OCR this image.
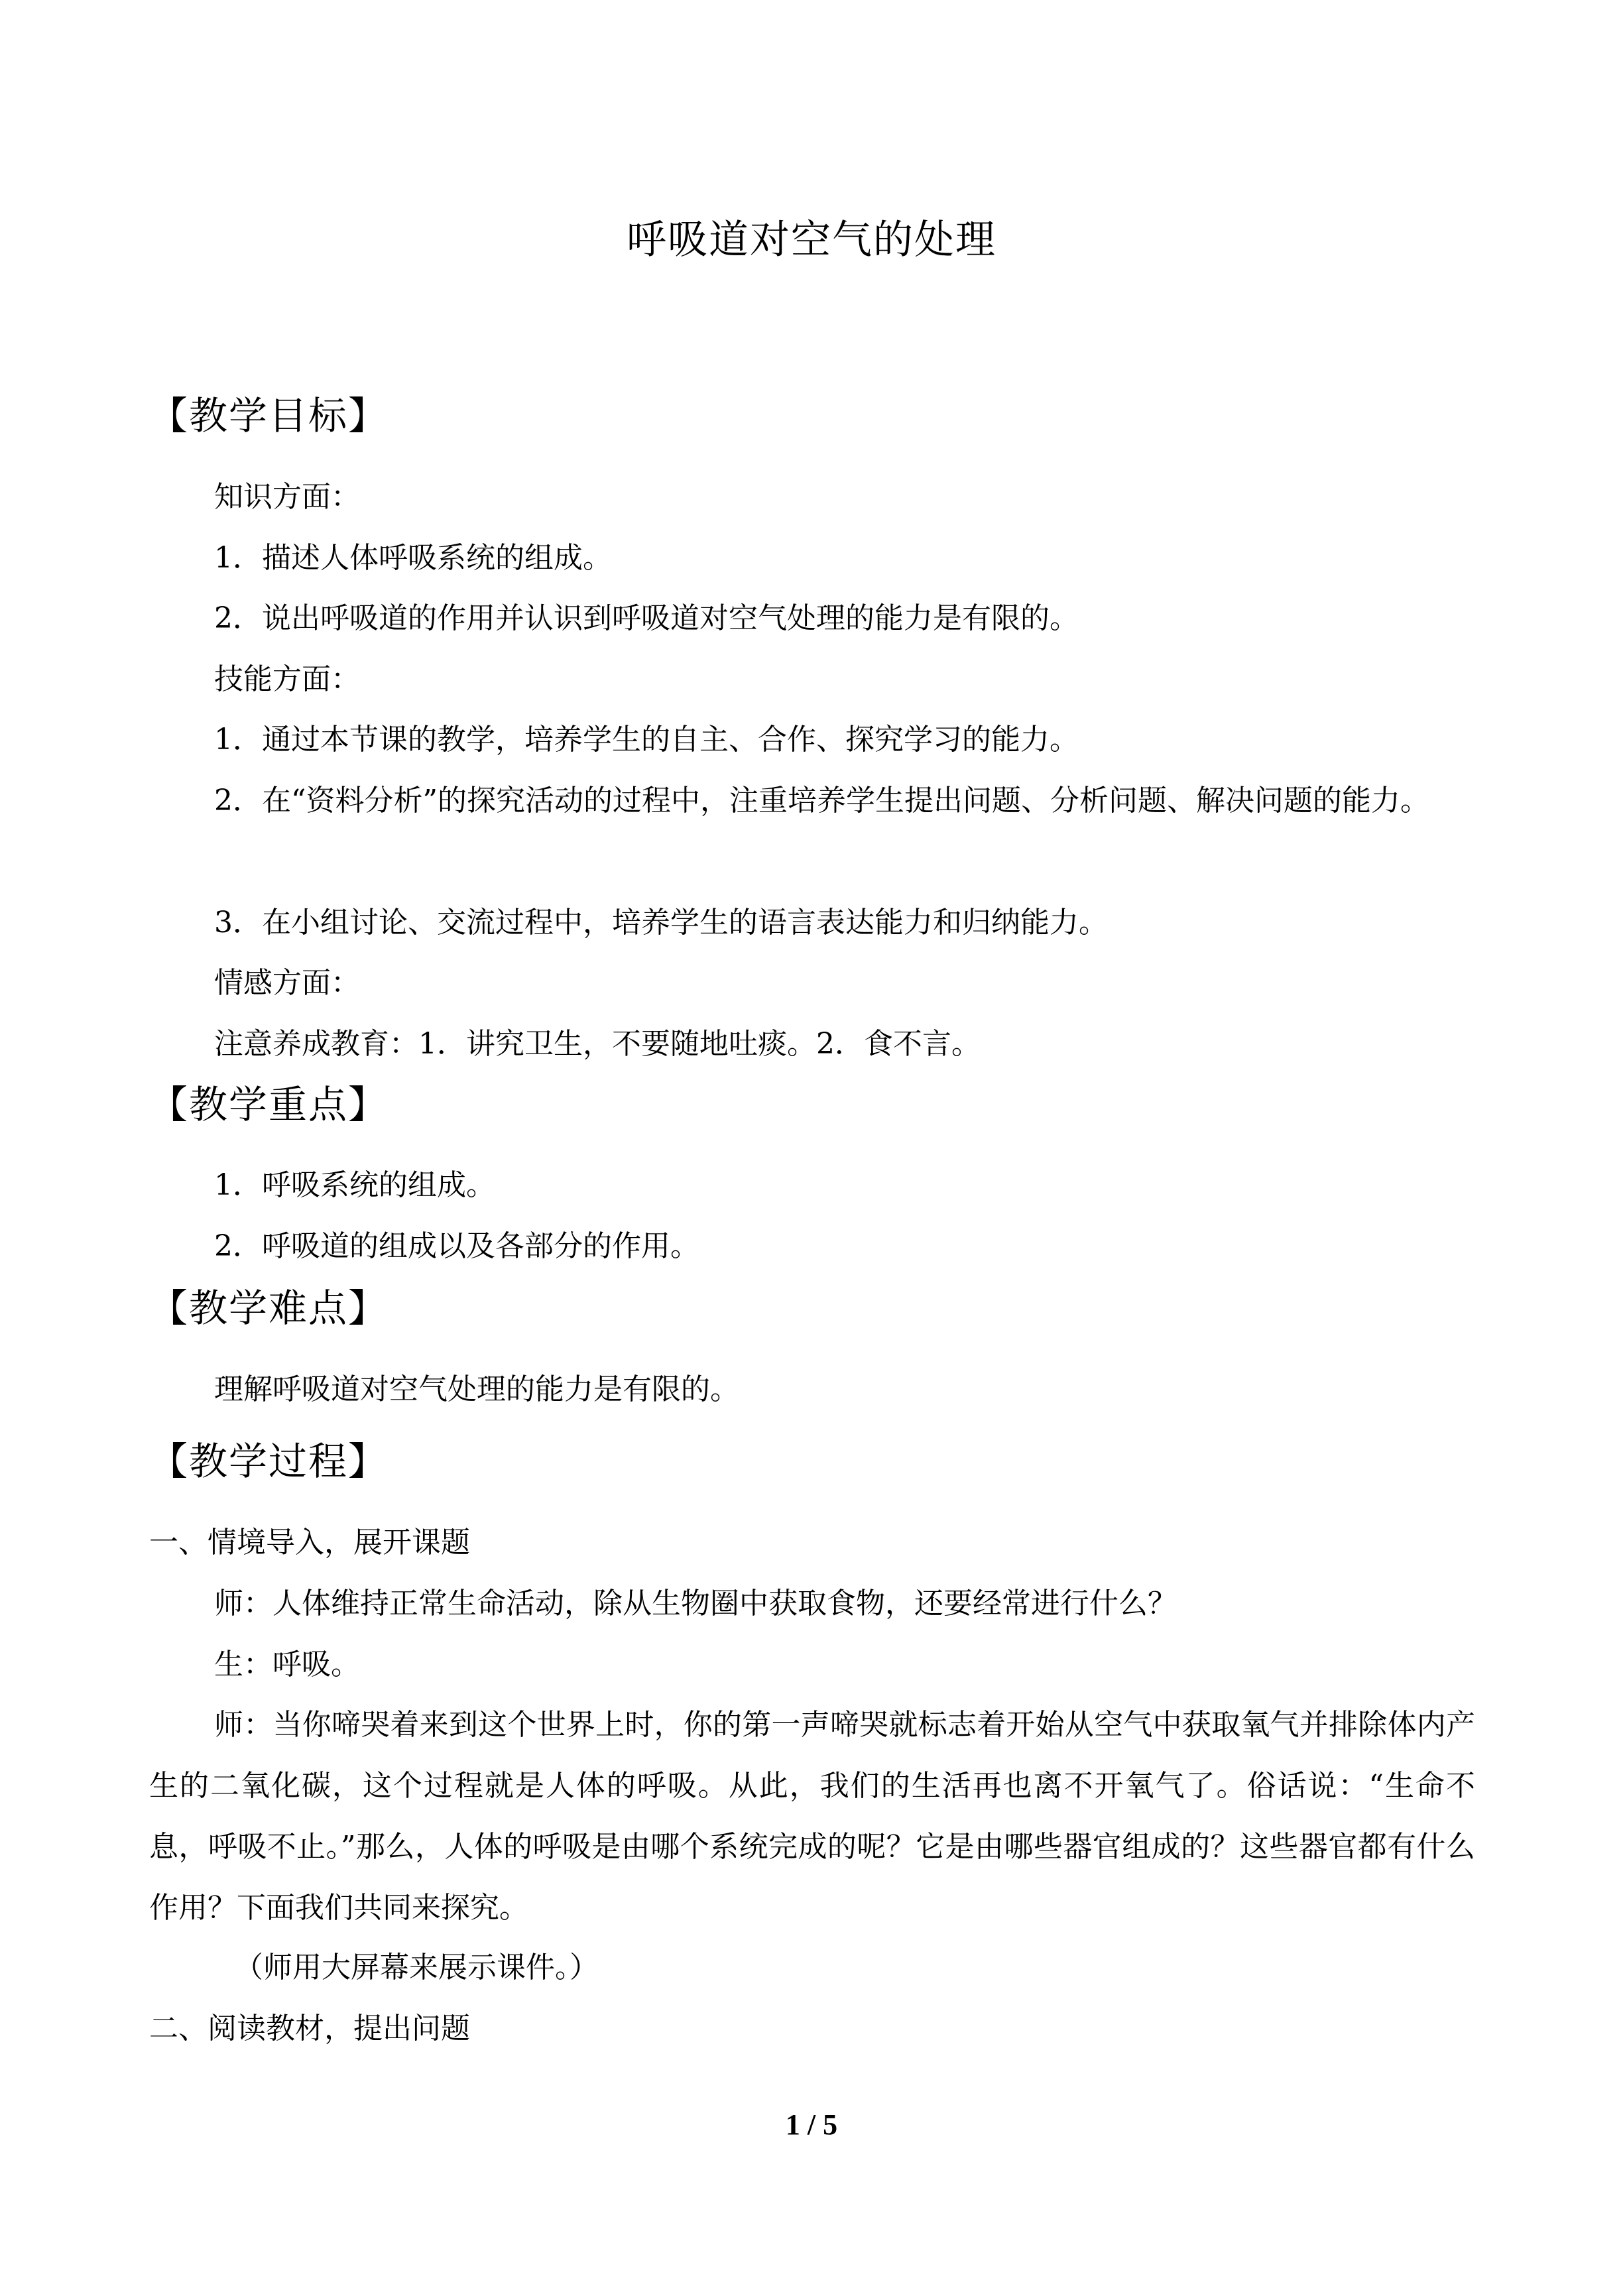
呼吸道对空气的处理
【教学目标】
知识方面：
1．描述人体呼吸系统的组成。
2．说出呼吸道的作用并认识到呼吸道对空气处理的能力是有限的。
技能方面：
1．通过本节课的教学，培养学生的自主、合作、探究学习的能力。
2．在“资料分析”的探究活动的过程中，注重培养学生提出问题、分析问题、解决问题的能力。
3．在小组讨论、交流过程中，培养学生的语言表达能力和归纳能力。
情感方面：
注意养成教育：1．讲究卫生，不要随地吐痰。2．食不言。
【教学重点】
1．呼吸系统的组成。
2．呼吸道的组成以及各部分的作用。
【教学难点】
理解呼吸道对空气处理的能力是有限的。
【教学过程】
一、情境导入，展开课题
师：人体维持正常生命活动，除从生物圈中获取食物，还要经常进行什么？
生：呼吸。
师：当你啼哭着来到这个世界上时，你的第一声啼哭就标志着开始从空气中获取氧气并排除体内产生的二氧化碳，这个过程就是人体的呼吸。从此，我们的生活再也离不开氧气了。俗话说：“生命不息，呼吸不止。”那么，人体的呼吸是由哪个系统完成的呢？它是由哪些器官组成的？这些器官都有什么作用？下面我们共同来探究。
（师用大屏幕来展示课件。）
二、阅读教材，提出问题
1 / 5
